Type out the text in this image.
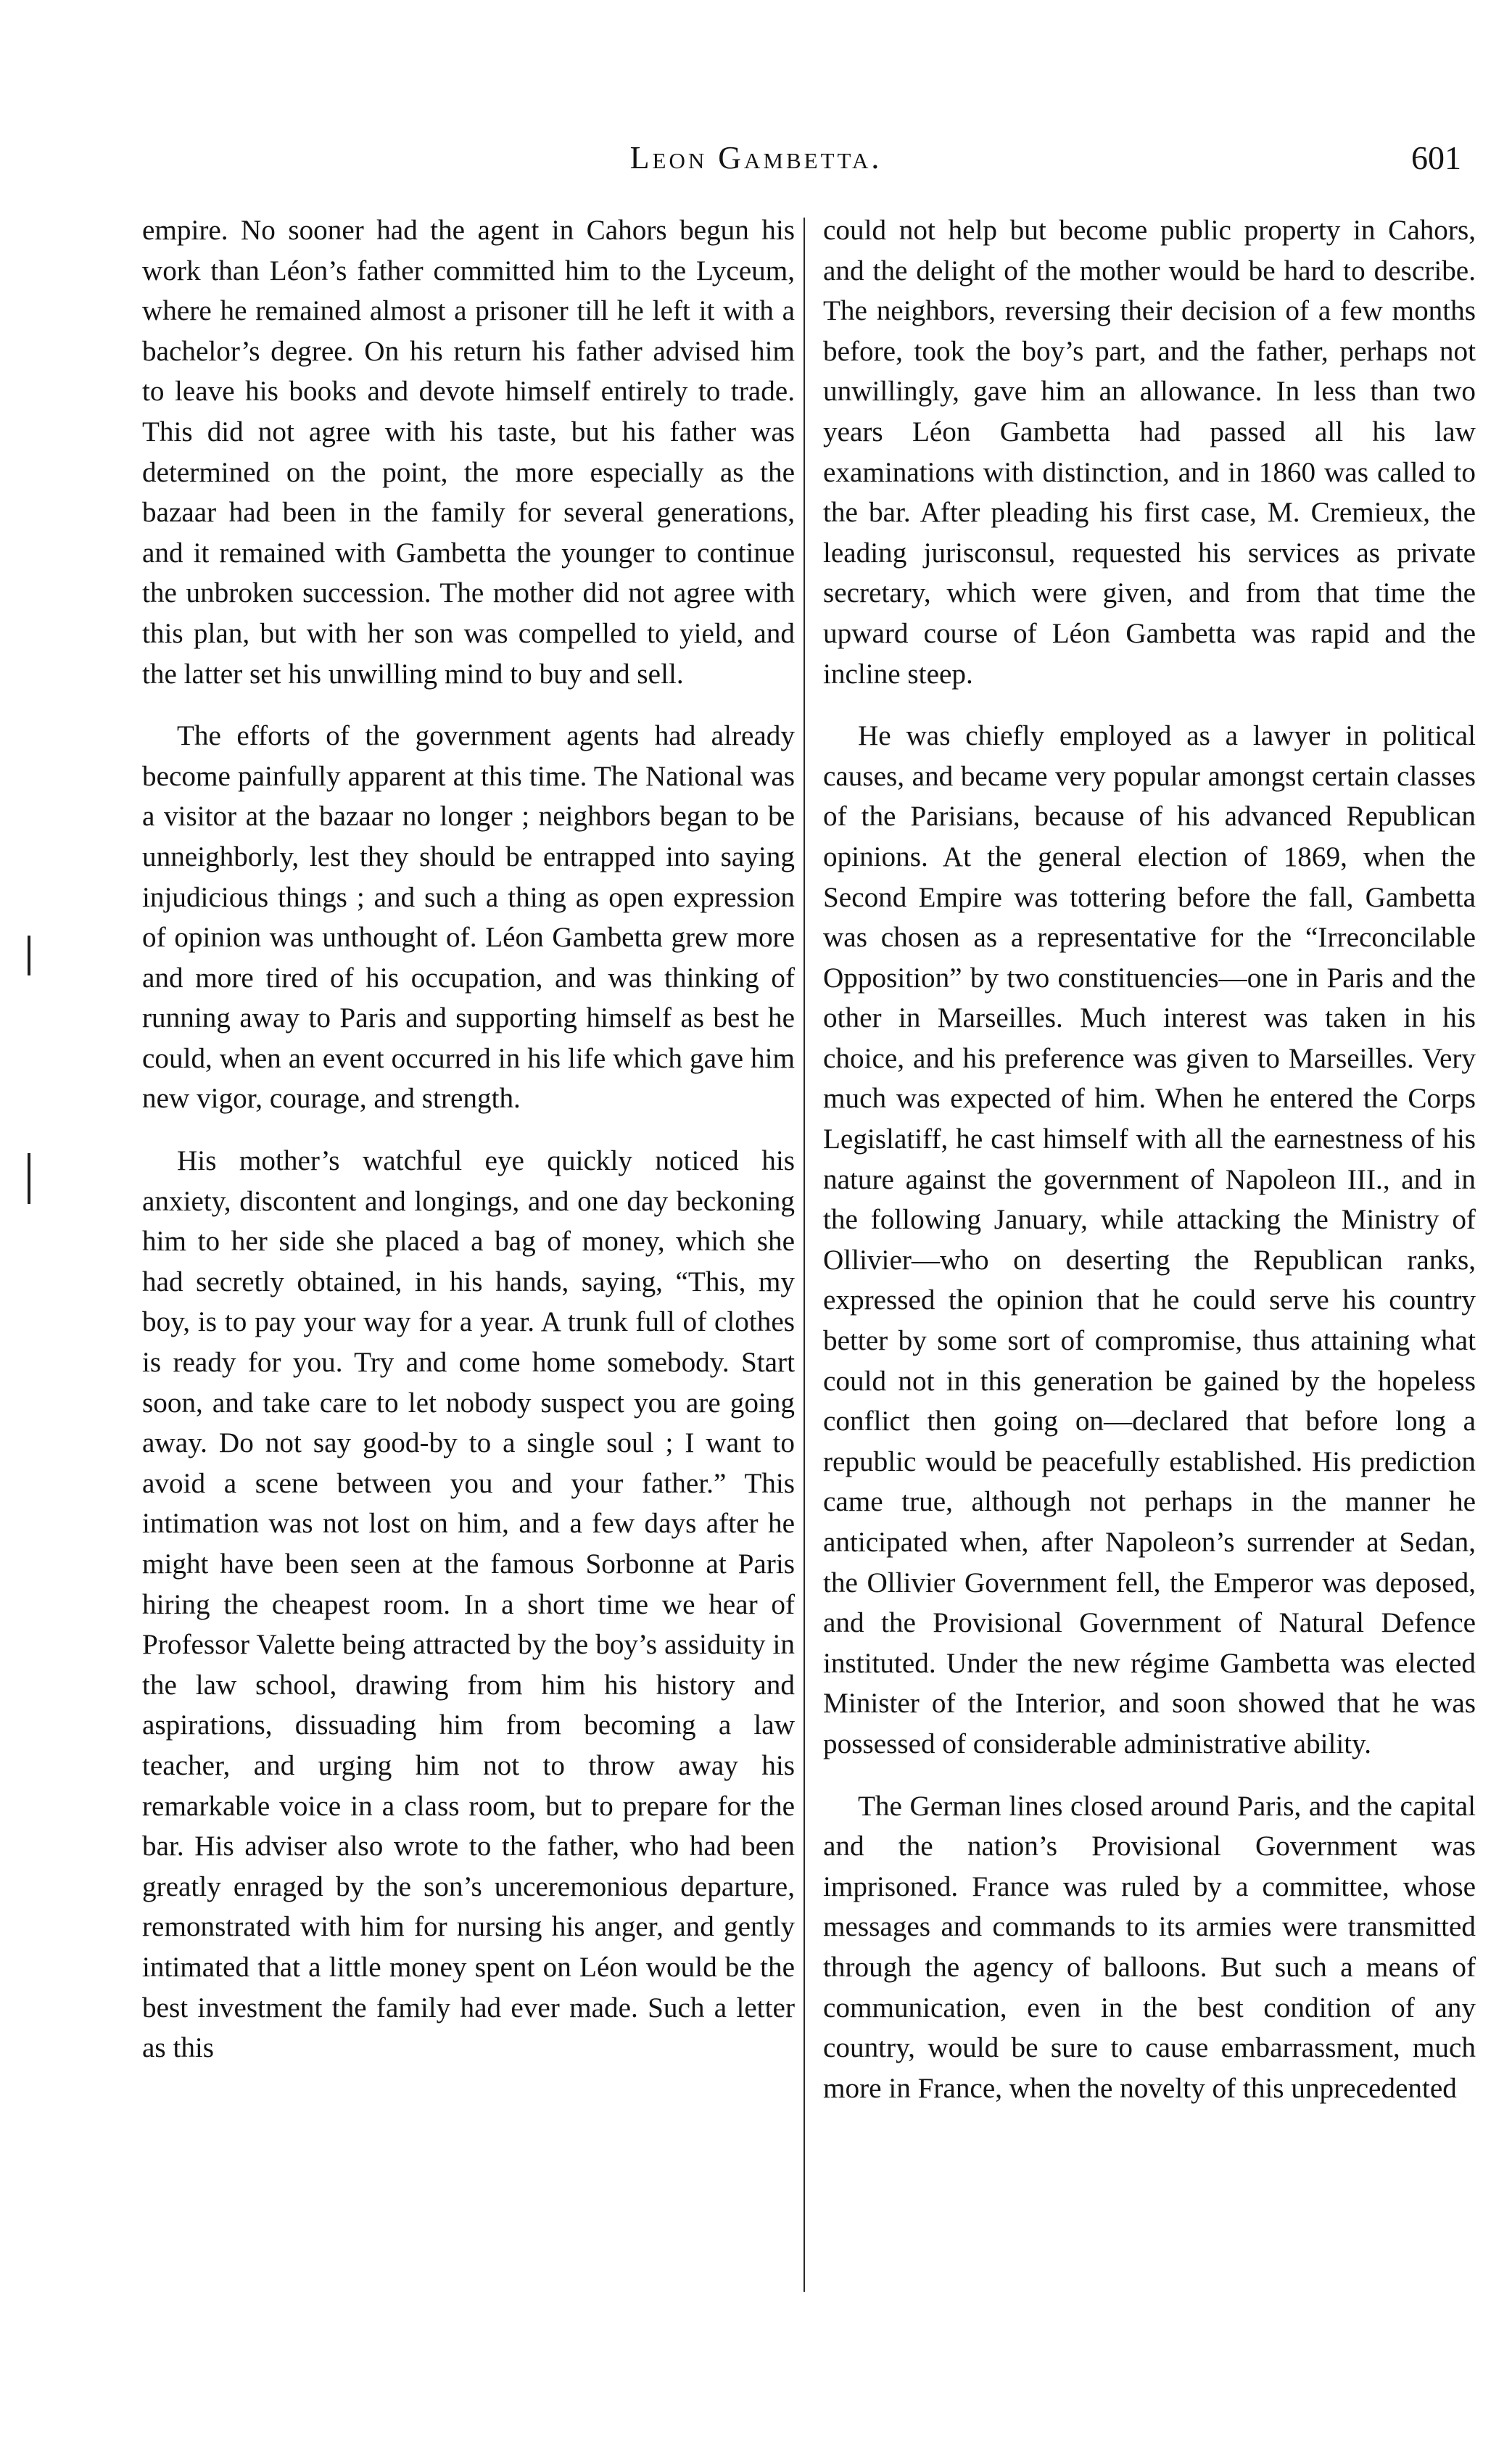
Leon Gambetta.	601

empire. No sooner had the agent in Cahors begun his work than Léon’s father committed him to the Lyceum, where he remained almost a prisoner till he left it with a bachelor’s degree. On his return his father advised him to leave his books and devote himself entirely to trade. This did not agree with his taste, but his father was determined on the point, the more especially as the bazaar had been in the family for several generations, and it remained with Gambetta the younger to continue the unbroken succession. The mother did not agree with this plan, but with her son was compelled to yield, and the latter set his unwilling mind to buy and sell.

The efforts of the government agents had already become painfully apparent at this time. The National was a visitor at the bazaar no longer ; neighbors began to be unneighborly, lest they should be entrapped into saying injudicious things ; and such a thing as open expression of opinion was unthought of. Léon Gambetta grew more and more tired of his occupation, and was thinking of running away to Paris and supporting himself as best he could, when an event occurred in his life which gave him new vigor, courage, and strength.

His mother’s watchful eye quickly noticed his anxiety, discontent and longings, and one day beckoning him to her side she placed a bag of money, which she had secretly obtained, in his hands, saying, “This, my boy, is to pay your way for a year. A trunk full of clothes is ready for you. Try and come home somebody. Start soon, and take care to let nobody suspect you are going away. Do not say good-by to a single soul ; I want to avoid a scene between you and your father.” This intimation was not lost on him, and a few days after he might have been seen at the famous Sorbonne at Paris hiring the cheapest room. In a short time we hear of Professor Valette being attracted by the boy’s assiduity in the law school, drawing from him his history and aspirations, dissuading him from becoming a law teacher, and urging him not to throw away his remarkable voice in a class room, but to prepare for the bar. His adviser also wrote to the father, who had been greatly enraged by the son’s unceremonious departure, remonstrated with him for nursing his anger, and gently intimated that a little money spent on Léon would be the best investment the family had ever made. Such a letter as this

could not help but become public property in Cahors, and the delight of the mother would be hard to describe. The neighbors, reversing their decision of a few months before, took the boy’s part, and the father, perhaps not unwillingly, gave him an allowance. In less than two years Léon Gambetta had passed all his law examinations with distinction, and in 1860 was called to the bar. After pleading his first case, M. Cremieux, the leading jurisconsul, requested his services as private secretary, which were given, and from that time the upward course of Léon Gambetta was rapid and the incline steep.

He was chiefly employed as a lawyer in political causes, and became very popular amongst certain classes of the Parisians, because of his advanced Republican opinions. At the general election of 1869, when the Second Empire was tottering before the fall, Gambetta was chosen as a representative for the “Irreconcilable Opposition” by two constituencies—one in Paris and the other in Marseilles. Much interest was taken in his choice, and his preference was given to Marseilles. Very much was expected of him. When he entered the Corps Legislatiff, he cast himself with all the earnestness of his nature against the government of Napoleon III., and in the following January, while attacking the Ministry of Ollivier—who on deserting the Republican ranks, expressed the opinion that he could serve his country better by some sort of compromise, thus attaining what could not in this generation be gained by the hopeless conflict then going on—declared that before long a republic would be peacefully established. His prediction came true, although not perhaps in the manner he anticipated when, after Napoleon’s surrender at Sedan, the Ollivier Government fell, the Emperor was deposed, and the Provisional Government of Natural Defence instituted. Under the new régime Gambetta was elected Minister of the Interior, and soon showed that he was possessed of considerable administrative ability.

The German lines closed around Paris, and the capital and the nation’s Provisional Government was imprisoned. France was ruled by a committee, whose messages and commands to its armies were transmitted through the agency of balloons. But such a means of communication, even in the best condition of any country, would be sure to cause embarrassment, much more in France, when the novelty of this unprecedented
